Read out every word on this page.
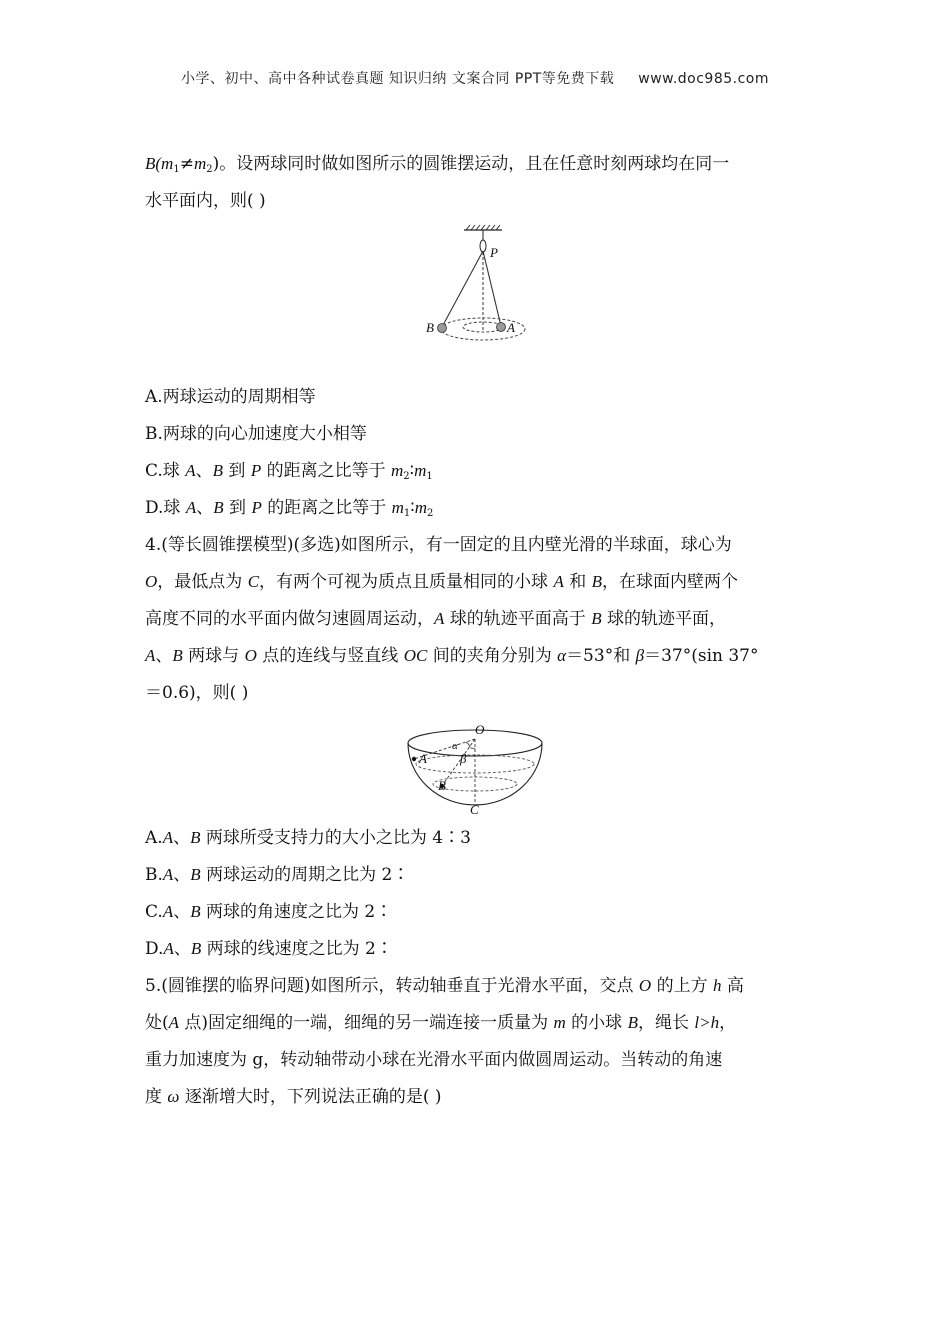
小学、初中、高中各种试卷真题 知识归纳 文案合同 PPT等免费下载 www.doc985.com
$B(m_1\ne m_2)$。设两球同时做如图所示的圆锥摆运动，且在任意时刻两球均在同一
水平面内，则( )
P
B	A
A.两球运动的周期相等
B.两球的向心加速度大小相等
C.球 A、B 到 P 的距离之比等于 $m_2∶m_1$
D.球 A、B 到 P 的距离之比等于 $m_1∶m_2$
4.(等长圆锥摆模型)(多选)如图所示，有一固定的且内壁光滑的半球面，球心为
O，最低点为 C，有两个可视为质点且质量相同的小球 A 和 B，在球面内壁两个
高度不同的水平面内做匀速圆周运动，A 球的轨迹平面高于 B 球的轨迹平面，
A、B 两球与 O 点的连线与竖直线 OC 间的夹角分别为 α＝53°和 β＝37°(sin 37°
＝0.6)，则( )
O
α
β
A
B
C
A.A、B 两球所受支持力的大小之比为 4∶3
B.A、B 两球运动的周期之比为 2∶
C.A、B 两球的角速度之比为 2∶
D.A、B 两球的线速度之比为 2∶
5.(圆锥摆的临界问题)如图所示，转动轴垂直于光滑水平面，交点 O 的上方 h 高
处(A 点)固定细绳的一端，细绳的另一端连接一质量为 m 的小球 B，绳长 l>h，
重力加速度为 g，转动轴带动小球在光滑水平面内做圆周运动。当转动的角速
度 ω 逐渐增大时，下列说法正确的是( )
